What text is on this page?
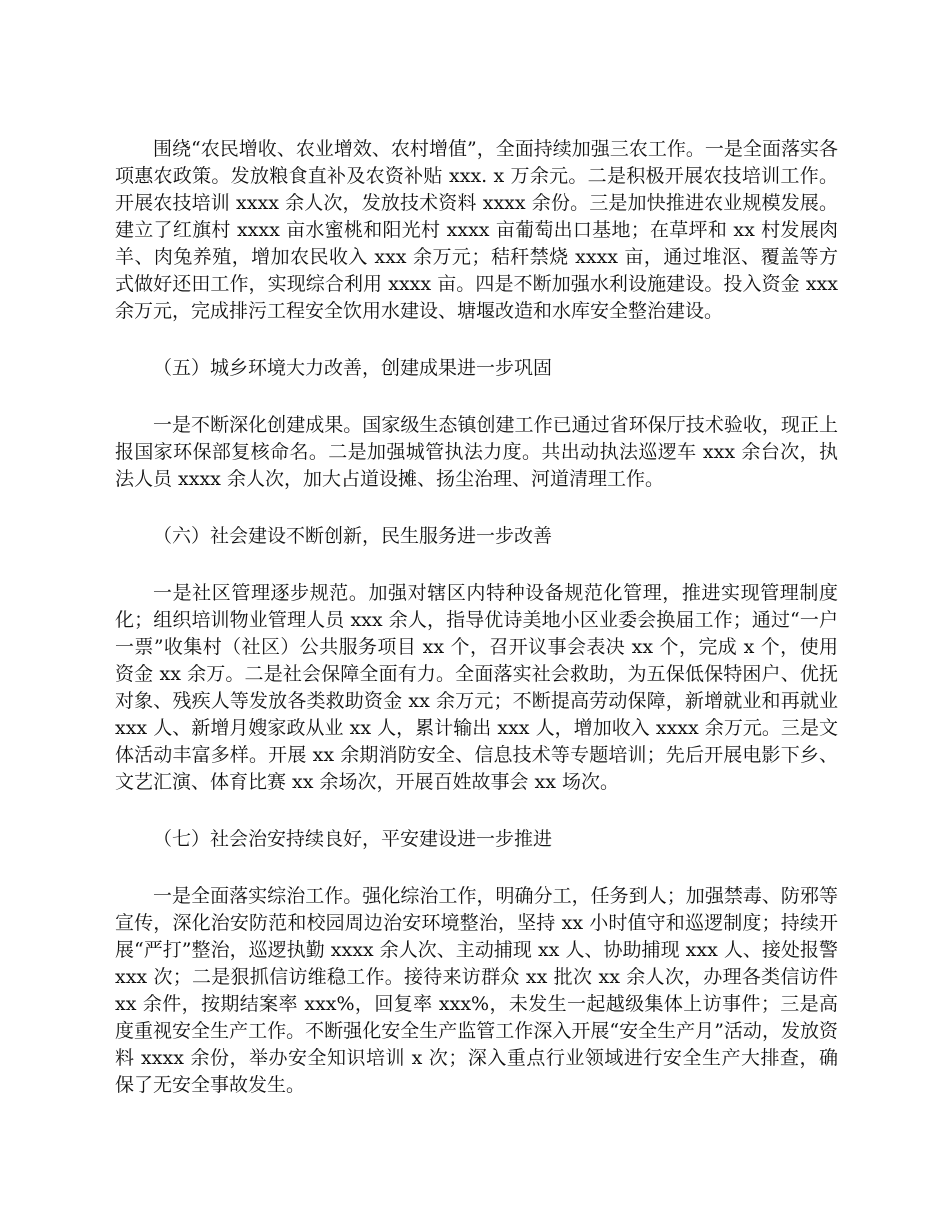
围绕“农民增收、农业增效、农村增值”，全面持续加强三农工作。一是全面落实各项惠农政策。发放粮食直补及农资补贴 xxx. x 万余元。二是积极开展农技培训工作。开展农技培训 xxxx 余人次，发放技术资料 xxxx 余份。三是加快推进农业规模发展。建立了红旗村 xxxx 亩水蜜桃和阳光村 xxxx 亩葡萄出口基地；在草坪和 xx 村发展肉羊、肉兔养殖，增加农民收入 xxx 余万元；秸秆禁烧 xxxx 亩，通过堆沤、覆盖等方式做好还田工作，实现综合利用 xxxx 亩。四是不断加强水利设施建设。投入资金 xxx 余万元，完成排污工程安全饮用水建设、塘堰改造和水库安全整治建设。

（五）城乡环境大力改善，创建成果进一步巩固

一是不断深化创建成果。国家级生态镇创建工作已通过省环保厅技术验收，现正上报国家环保部复核命名。二是加强城管执法力度。共出动执法巡逻车 xxx 余台次，执法人员 xxxx 余人次，加大占道设摊、扬尘治理、河道清理工作。

（六）社会建设不断创新，民生服务进一步改善

一是社区管理逐步规范。加强对辖区内特种设备规范化管理，推进实现管理制度化；组织培训物业管理人员 xxx 余人，指导优诗美地小区业委会换届工作；通过“一户一票”收集村（社区）公共服务项目 xx 个，召开议事会表决 xx 个，完成 x 个，使用资金 xx 余万。二是社会保障全面有力。全面落实社会救助，为五保低保特困户、优抚对象、残疾人等发放各类救助资金 xx 余万元；不断提高劳动保障，新增就业和再就业 xxx 人、新增月嫂家政从业 xx 人，累计输出 xxx 人，增加收入 xxxx 余万元。三是文体活动丰富多样。开展 xx 余期消防安全、信息技术等专题培训；先后开展电影下乡、文艺汇演、体育比赛 xx 余场次，开展百姓故事会 xx 场次。

（七）社会治安持续良好，平安建设进一步推进

一是全面落实综治工作。强化综治工作，明确分工，任务到人；加强禁毒、防邪等宣传，深化治安防范和校园周边治安环境整治，坚持 xx 小时值守和巡逻制度；持续开展“严打”整治，巡逻执勤 xxxx 余人次、主动捕现 xx 人、协助捕现 xxx 人、接处报警 xxx 次；二是狠抓信访维稳工作。接待来访群众 xx 批次 xx 余人次，办理各类信访件 xx 余件，按期结案率 xxx%，回复率 xxx%，未发生一起越级集体上访事件；三是高度重视安全生产工作。不断强化安全生产监管工作深入开展“安全生产月”活动，发放资料 xxxx 余份，举办安全知识培训 x 次；深入重点行业领域进行安全生产大排查，确保了无安全事故发生。
